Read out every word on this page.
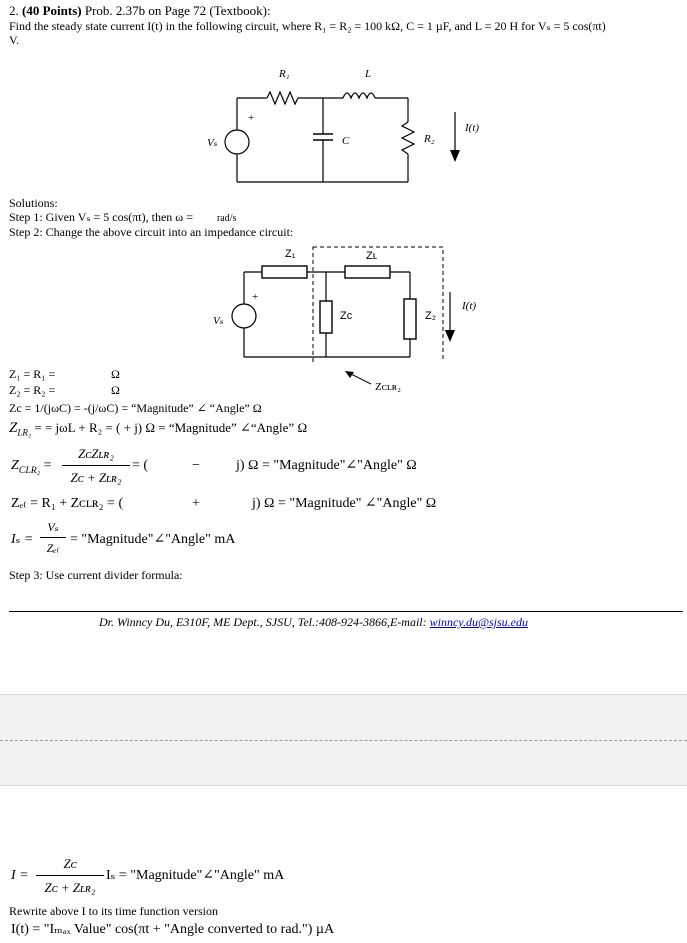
2. (40 Points) Prob. 2.37b on Page 72 (Textbook):
Find the steady state current I(t) in the following circuit, where R₁ = R₂ = 100 kΩ, C = 1 µF, and L = 20 H for Vₛ = 5 cos(πt)
V.
R₁	L
+
Vₛ	C	R₂
I(t)
Solutions:
Step 1: Given Vₛ = 5 cos(πt), then ω = rad/s
Step 2: Change the above circuit into an impedance circuit:
Z₁	Zʟ
+
Vₛ	Zc	Z₂
I(t)
Zᴄʟʀ₂
Z₁ = R₁ =	Ω
Z₂ = R₂ =	Ω
Zc = 1/(jωC) = -(j/ωC) = “Magnitude” ∠ “Angle” Ω
$Z_{LR_2}$ = = jωL + R₂ = ( + j) Ω = “Magnitude” ∠“Angle” Ω
$Z_{CLR_2}$ =
ZᴄZʟʀ₂
Zᴄ + Zʟʀ₂
= (	−	j) Ω = "Magnitude"∠"Angle" Ω
Zₑ₍ = R₁ + Zᴄʟʀ₂ = (	+	j) Ω = "Magnitude" ∠"Angle" Ω
Iₛ =
Vₛ
Zₑ₍
= "Magnitude"∠"Angle" mA
Step 3: Use current divider formula:
Dr. Winncy Du, E310F, ME Dept., SJSU, Tel.:408-924-3866,E-mail: winncy.du@sjsu.edu
I =
Zᴄ
Zᴄ + Zʟʀ₂
Iₛ = "Magnitude"∠"Angle" mA
Rewrite above I to its time function version
I(t) = "Iₘₐₓ Value" cos(πt + "Angle converted to rad.") µA
